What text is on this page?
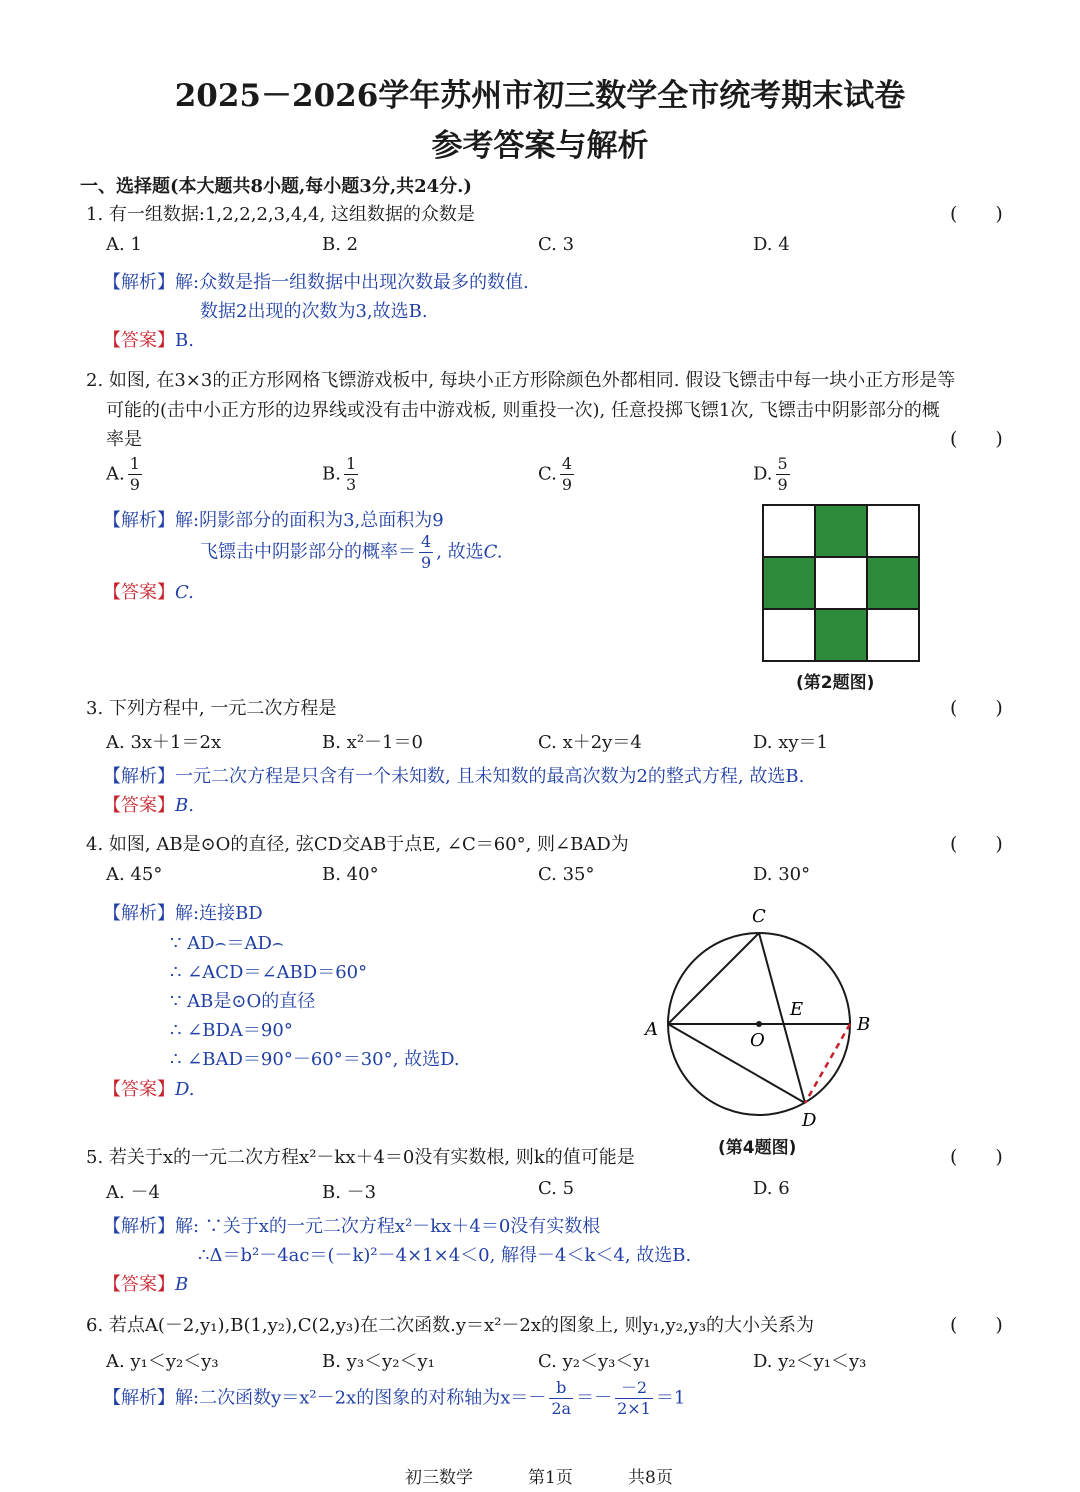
2025－2026学年苏州市初三数学全市统考期末试卷
参考答案与解析
一、选择题(本大题共8小题,每小题3分,共24分.)
1. 有一组数据:1,2,2,2,3,4,4, 这组数据的众数是	(　　)
A. 1	B. 2	C. 3	D. 4
【解析】解:众数是指一组数据中出现次数最多的数值.
数据2出现的次数为3,故选B.
【答案】B.
2. 如图, 在3×3的正方形网格飞镖游戏板中, 每块小正方形除颜色外都相同. 假设飞镖击中每一块小正方形是等
可能的(击中小正方形的边界线或没有击中游戏板, 则重投一次), 任意投掷飞镖1次, 飞镖击中阴影部分的概
率是	(　　)
A. $\frac{1}{9}$	B. $\frac{1}{3}$	C. $\frac{4}{9}$	D. $\frac{5}{9}$
【解析】解:阴影部分的面积为3,总面积为9
飞镖击中阴影部分的概率＝ $\frac{4}{9}$ , 故选C.
【答案】C.
(第2题图)
3. 下列方程中, 一元二次方程是	(　　)
A. 3x＋1＝2x	B. x²－1＝0	C. x＋2y＝4	D. xy＝1
【解析】一元二次方程是只含有一个未知数, 且未知数的最高次数为2的整式方程, 故选B.
【答案】B.
4. 如图, AB是⊙O的直径, 弦CD交AB于点E, ∠C＝60°, 则∠BAD为	(　　)
A. 45°	B. 40°	C. 35°	D. 30°
【解析】解:连接BD
∵ AD⌢＝AD⌢
∴ ∠ACD＝∠ABD＝60°
∵ AB是⊙O的直径
∴ ∠BDA＝90°
∴ ∠BAD＝90°－60°＝30°, 故选D.
【答案】D.
C
A	B
D
E
O
(第4题图)
5. 若关于x的一元二次方程x²－kx＋4＝0没有实数根, 则k的值可能是	(　　)
A. －4	B. －3	C. 5	D. 6
【解析】解: ∵关于x的一元二次方程x²－kx＋4＝0没有实数根
∴Δ＝b²－4ac＝(－k)²－4×1×4＜0, 解得－4＜k＜4, 故选B.
【答案】B
6. 若点A(－2,y₁),B(1,y₂),C(2,y₃)在二次函数.y＝x²－2x的图象上, 则y₁,y₂,y₃的大小关系为	(　　)
A. y₁＜y₂＜y₃	B. y₃＜y₂＜y₁	C. y₂＜y₃＜y₁	D. y₂＜y₁＜y₃
【解析】解:二次函数y＝x²－2x的图象的对称轴为$x=- \frac{b}{2a} =- \frac{-2}{2\times 1} =1$
初三数学	第1页	共8页
